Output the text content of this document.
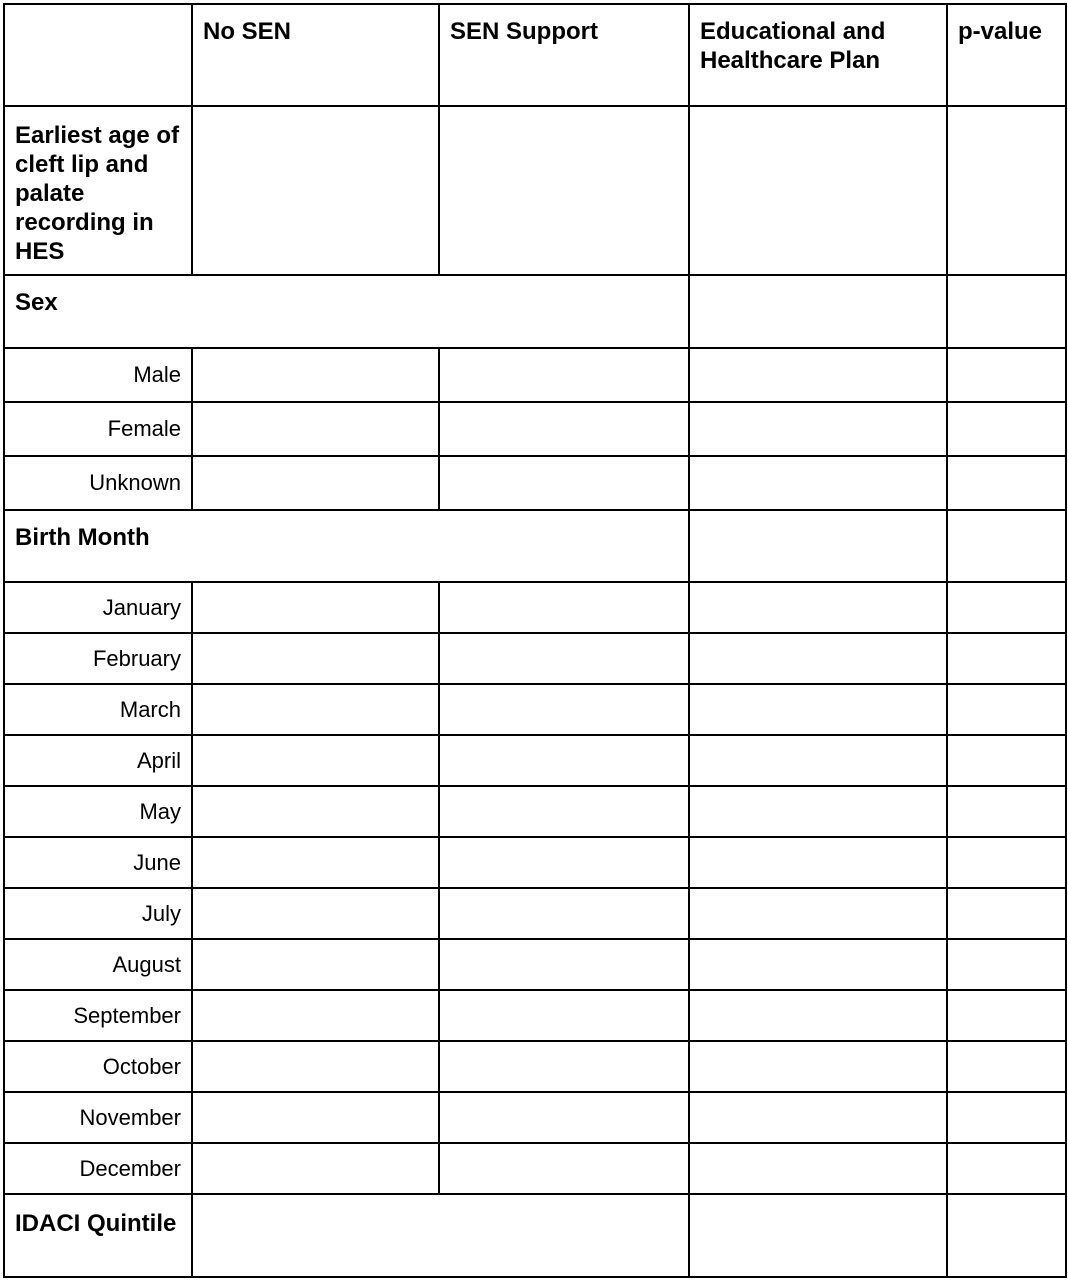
	No SEN	SEN Support	Educational and Healthcare Plan	p-value
Earliest age of cleft lip and palate recording in HES				
Sex				
Male				
Female				
Unknown				
Birth Month				
January				
February				
March				
April				
May				
June				
July				
August				
September				
October				
November				
December				
IDACI Quintile				
